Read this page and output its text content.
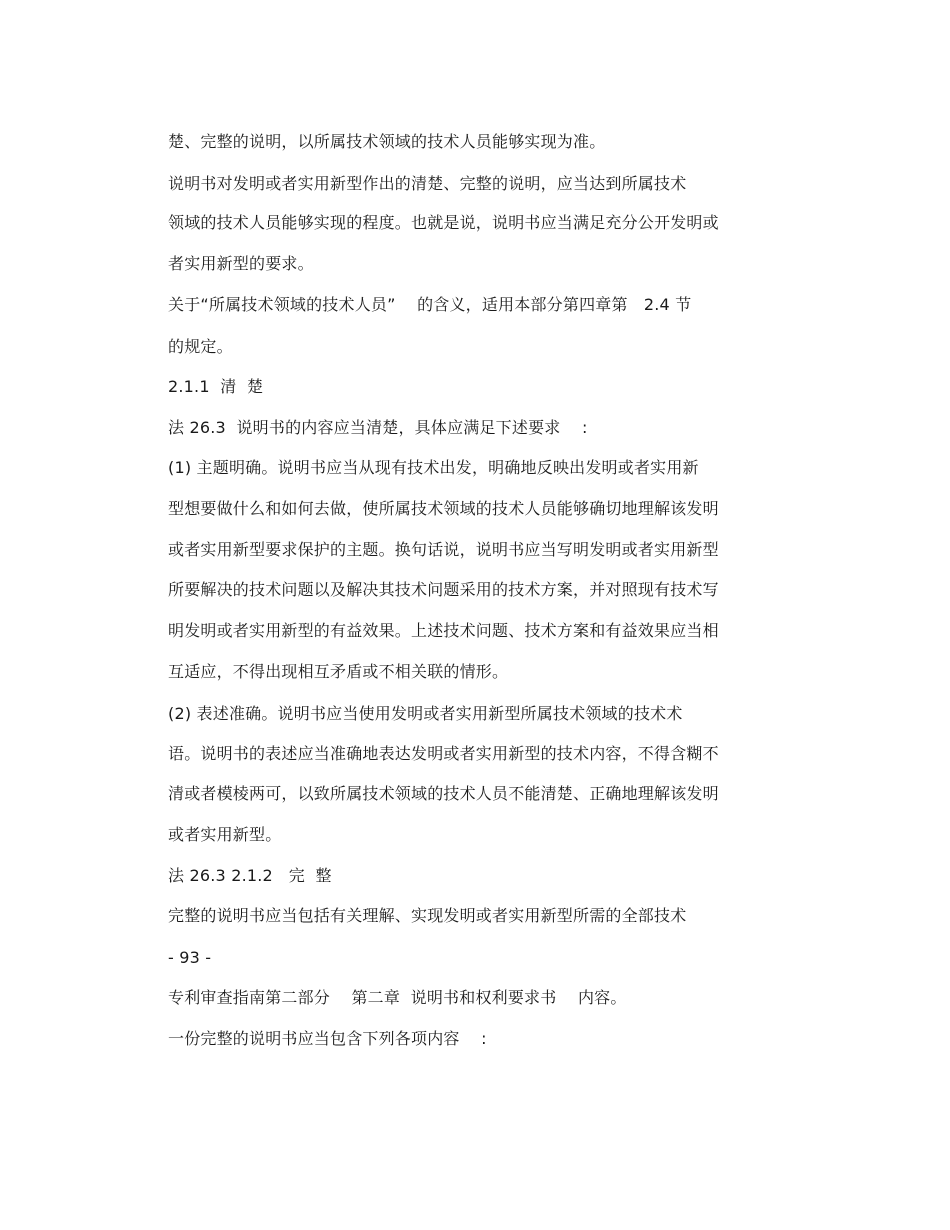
楚、完整的说明，以所属技术领域的技术人员能够实现为准。
说明书对发明或者实用新型作出的清楚、完整的说明，应当达到所属技术
领域的技术人员能够实现的程度。也就是说，说明书应当满足充分公开发明或
者实用新型的要求。
关于“所属技术领域的技术人员”　 的含义，适用本部分第四章第　2.4 节
的规定。
2.1.1  清  楚
法 26.3  说明书的内容应当清楚，具体应满足下述要求　 :
(1) 主题明确。说明书应当从现有技术出发，明确地反映出发明或者实用新
型想要做什么和如何去做，使所属技术领域的技术人员能够确切地理解该发明
或者实用新型要求保护的主题。换句话说，说明书应当写明发明或者实用新型
所要解决的技术问题以及解决其技术问题采用的技术方案，并对照现有技术写
明发明或者实用新型的有益效果。上述技术问题、技术方案和有益效果应当相
互适应，不得出现相互矛盾或不相关联的情形。
(2) 表述准确。说明书应当使用发明或者实用新型所属技术领域的技术术
语。说明书的表述应当准确地表达发明或者实用新型的技术内容，不得含糊不
清或者模棱两可，以致所属技术领域的技术人员不能清楚、正确地理解该发明
或者实用新型。
法 26.3 2.1.2   完  整
完整的说明书应当包括有关理解、实现发明或者实用新型所需的全部技术
- 93 -
专利审查指南第二部分　 第二章  说明书和权利要求书　 内容。
一份完整的说明书应当包含下列各项内容　 :
